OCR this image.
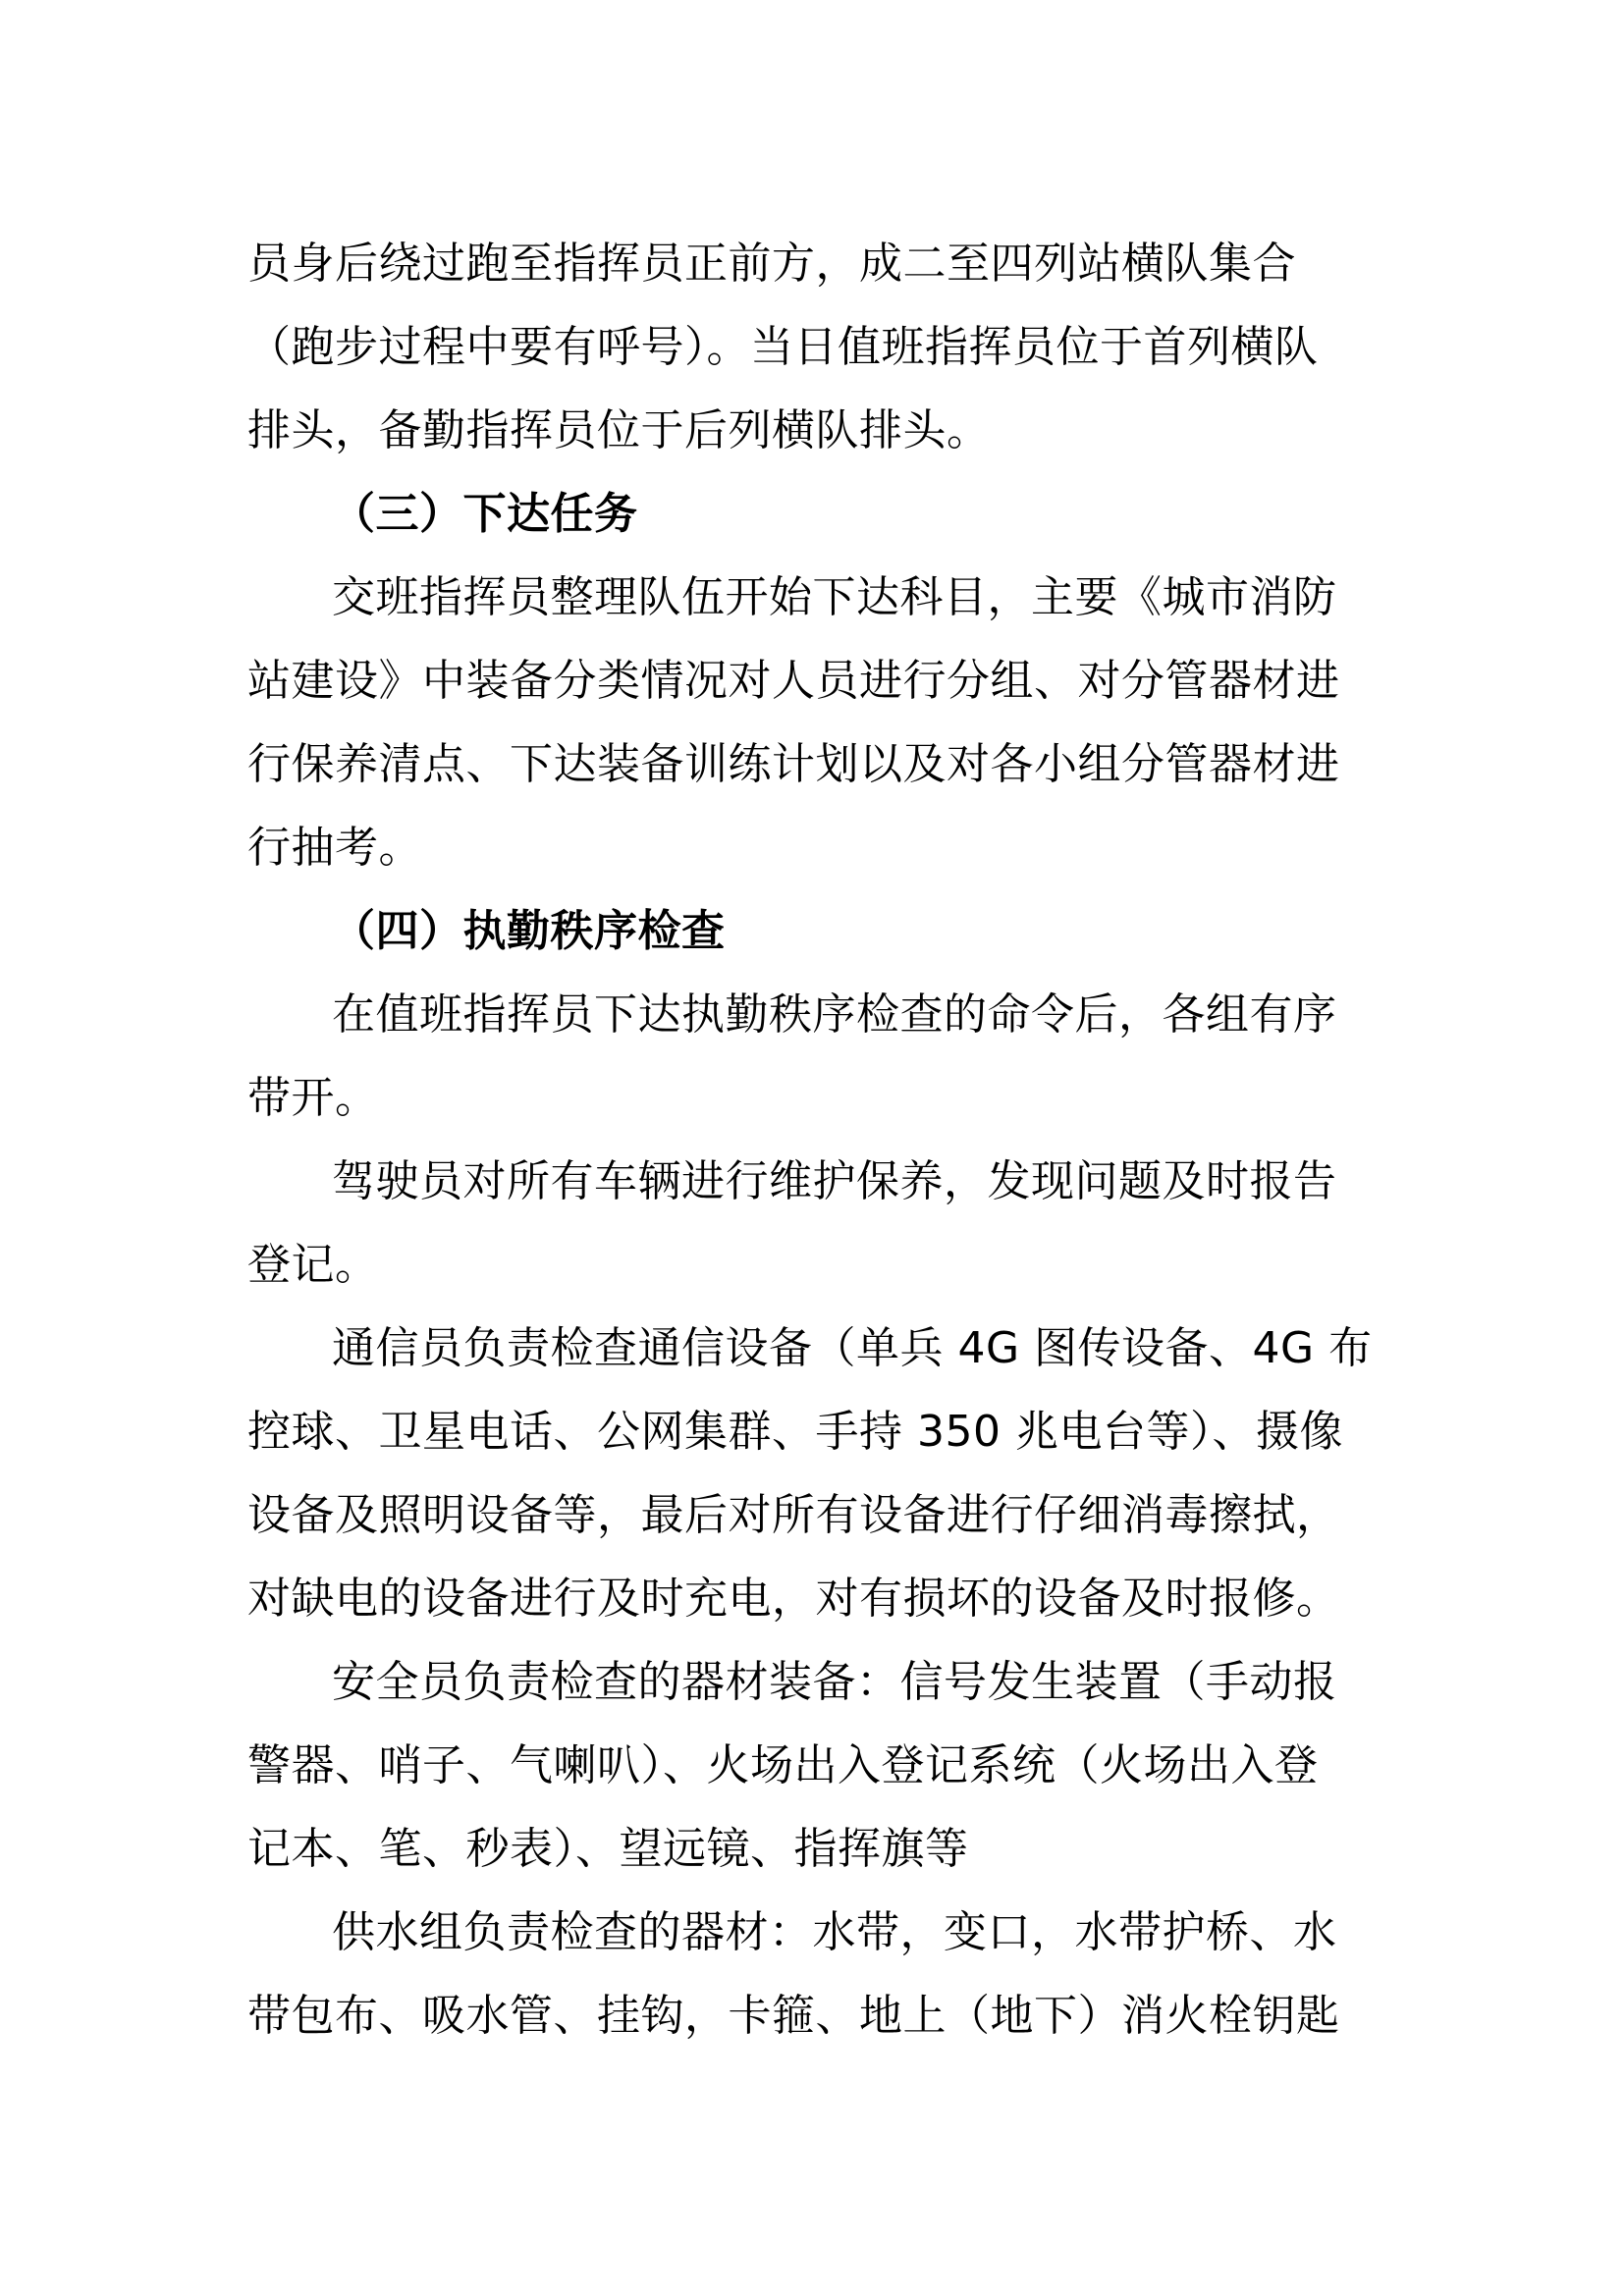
员身后绕过跑至指挥员正前方，成二至四列站横队集合
（跑步过程中要有呼号）。当日值班指挥员位于首列横队
排头，备勤指挥员位于后列横队排头。
（三）下达任务
交班指挥员整理队伍开始下达科目，主要《城市消防
站建设》中装备分类情况对人员进行分组、对分管器材进
行保养清点、下达装备训练计划以及对各小组分管器材进
行抽考。
（四）执勤秩序检查
在值班指挥员下达执勤秩序检查的命令后，各组有序
带开。
驾驶员对所有车辆进行维护保养，发现问题及时报告
登记。
通信员负责检查通信设备（单兵 4G 图传设备、4G 布
控球、卫星电话、公网集群、手持 350 兆电台等）、摄像
设备及照明设备等，最后对所有设备进行仔细消毒擦拭，
对缺电的设备进行及时充电，对有损坏的设备及时报修。
安全员负责检查的器材装备：信号发生装置（手动报
警器、哨子、气喇叭）、火场出入登记系统（火场出入登
记本、笔、秒表）、望远镜、指挥旗等
供水组负责检查的器材：水带，变口，水带护桥、水
带包布、吸水管、挂钩，卡箍、地上（地下）消火栓钥匙
